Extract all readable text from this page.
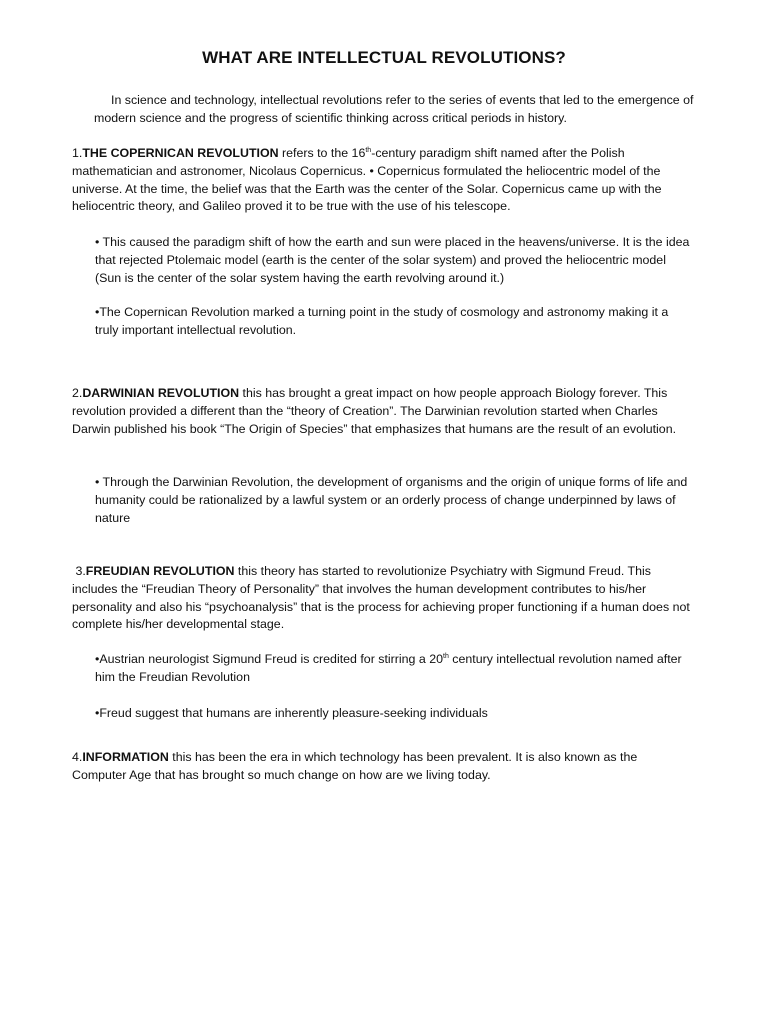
WHAT ARE INTELLECTUAL REVOLUTIONS?

In science and technology, intellectual revolutions refer to the series of events that led to the emergence of modern science and the progress of scientific thinking across critical periods in history.

1.THE COPERNICAN REVOLUTION refers to the 16th-century paradigm shift named after the Polish mathematician and astronomer, Nicolaus Copernicus. • Copernicus formulated the heliocentric model of the universe. At the time, the belief was that the Earth was the center of the Solar. Copernicus came up with the heliocentric theory, and Galileo proved it to be true with the use of his telescope.

• This caused the paradigm shift of how the earth and sun were placed in the heavens/universe. It is the idea that rejected Ptolemaic model (earth is the center of the solar system) and proved the heliocentric model (Sun is the center of the solar system having the earth revolving around it.)

•The Copernican Revolution marked a turning point in the study of cosmology and astronomy making it a truly important intellectual revolution.

2.DARWINIAN REVOLUTION this has brought a great impact on how people approach Biology forever. This revolution provided a different than the “theory of Creation”. The Darwinian revolution started when Charles Darwin published his book “The Origin of Species” that emphasizes that humans are the result of an evolution.

• Through the Darwinian Revolution, the development of organisms and the origin of unique forms of life and humanity could be rationalized by a lawful system or an orderly process of change underpinned by laws of nature

3.FREUDIAN REVOLUTION this theory has started to revolutionize Psychiatry with Sigmund Freud. This includes the “Freudian Theory of Personality” that involves the human development contributes to his/her personality and also his “psychoanalysis” that is the process for achieving proper functioning if a human does not complete his/her developmental stage.

•Austrian neurologist Sigmund Freud is credited for stirring a 20th century intellectual revolution named after him the Freudian Revolution

•Freud suggest that humans are inherently pleasure-seeking individuals

4.INFORMATION this has been the era in which technology has been prevalent. It is also known as the Computer Age that has brought so much change on how are we living today.
